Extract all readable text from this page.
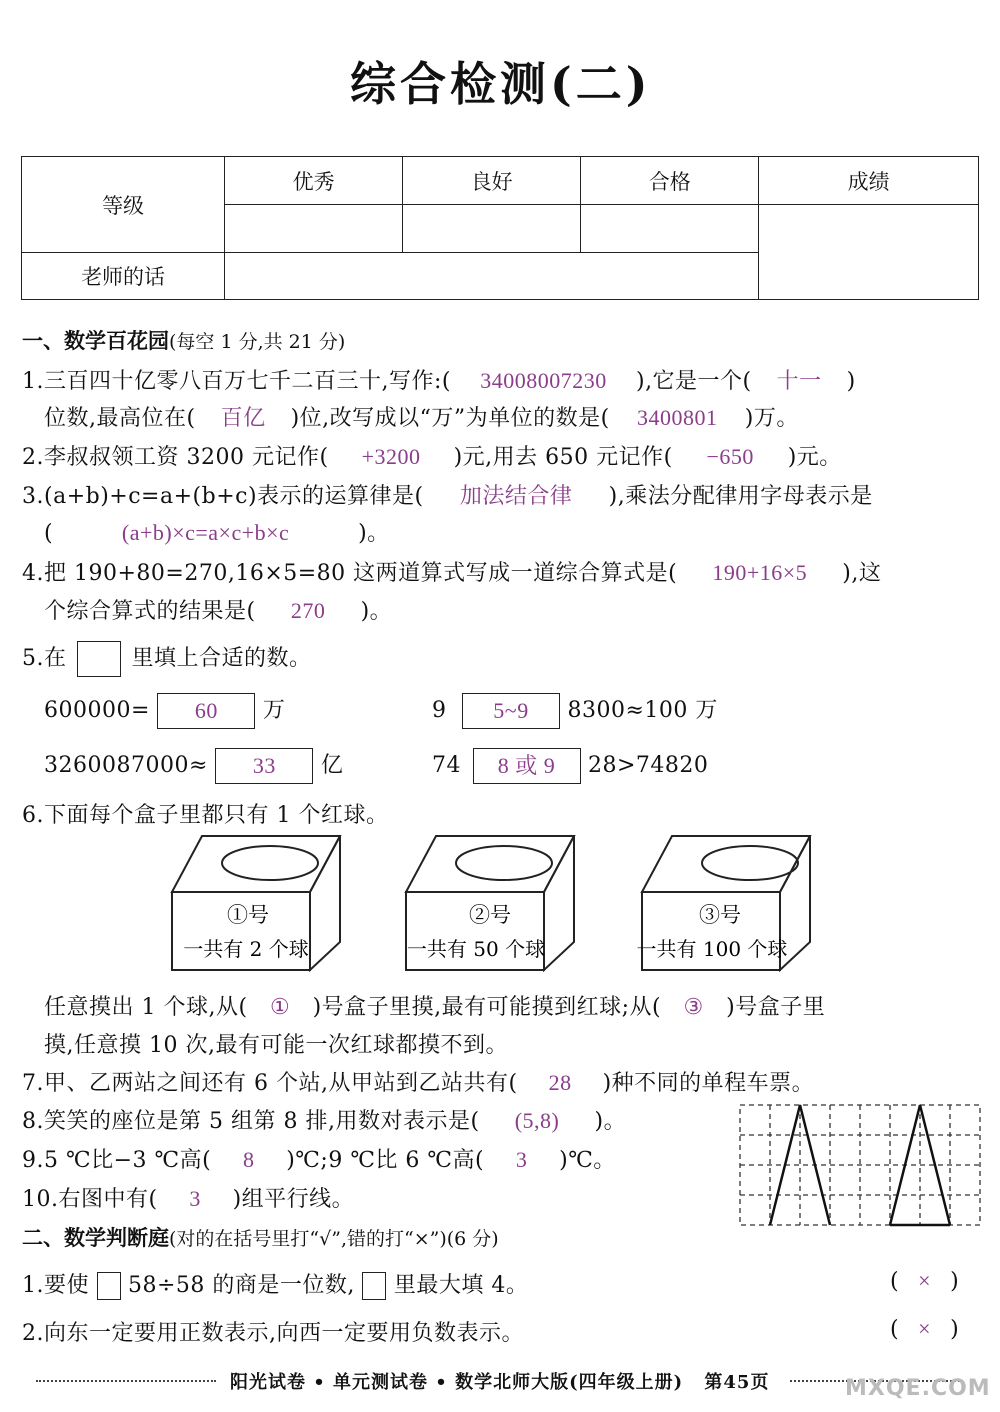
综合检测(二)
等级	优秀	良好	合格	成绩

老师的话				
一、数学百花园(每空 1 分,共 21 分)
1.三百四十亿零八百万七千二百三十,写作:( 34008007230 ),它是一个( 十一 )
位数,最高位在( 百亿 )位,改写成以“万”为单位的数是( 3400801 )万。
2.李叔叔领工资 3200 元记作( +3200 )元,用去 650 元记作( −650 )元。
3.(a+b)+c=a+(b+c)表示的运算律是( 加法结合律 ),乘法分配律用字母表示是
(	(a+b)×c=a×c+b×c	)。
4.把 190+80=270,16×5=80 这两道算式写成一道综合算式是( 190+16×5 ),这
个综合算式的结果是( 270 )。
5.在	里填上合适的数。
600000= 60 万	9 5~9 8300≈100 万
3260087000≈ 33 亿	74 8 或 9 28>74820
6.下面每个盒子里都只有 1 个红球。
①号
一共有 2 个球
②号
一共有 50 个球
③号
一共有 100 个球
任意摸出 1 个球,从( ① )号盒子里摸,最有可能摸到红球;从( ③ )号盒子里
摸,任意摸 10 次,最有可能一次红球都摸不到。
7.甲、乙两站之间还有 6 个站,从甲站到乙站共有( 28 )种不同的单程车票。
8.笑笑的座位是第 5 组第 8 排,用数对表示是( (5,8) )。
9.5 ℃比−3 ℃高( 8 )℃;9 ℃比 6 ℃高( 3 )℃。
10.右图中有( 3 )组平行线。
二、数学判断庭(对的在括号里打“√”,错的打“×”)(6 分)
1.要使 58÷58 的商是一位数, 里最大填 4。	( × )
2.向东一定要用正数表示,向西一定要用负数表示。	( × )
阳光试卷 • 单元测试卷 • 数学北师大版(四年级上册) 第45页	MXQE.COM
